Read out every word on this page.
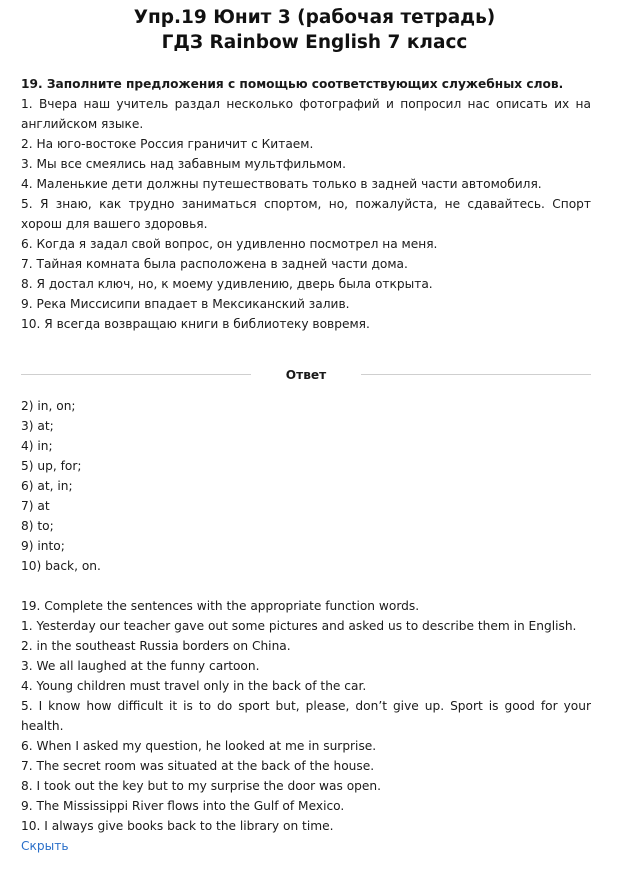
Упр.19 Юнит 3 (рабочая тетрадь)
ГДЗ Rainbow English 7 класс
19. Заполните предложения с помощью соответствующих служебных слов.
1. Вчера наш учитель раздал несколько фотографий и попросил нас описать их на английском языке.
2. На юго-востоке Россия граничит с Китаем.
3. Мы все смеялись над забавным мультфильмом.
4. Маленькие дети должны путешествовать только в задней части автомобиля.
5. Я знаю, как трудно заниматься спортом, но, пожалуйста, не сдавайтесь. Спорт хорош для вашего здоровья.
6. Когда я задал свой вопрос, он удивленно посмотрел на меня.
7. Тайная комната была расположена в задней части дома.
8. Я достал ключ, но, к моему удивлению, дверь была открыта.
9. Река Миссисипи впадает в Мексиканский залив.
10. Я всегда возвращаю книги в библиотеку вовремя.
Ответ
2) in, on;
3) at;
4) in;
5) up, for;
6) at, in;
7) at
8) to;
9) into;
10) back, on.
19. Complete the sentences with the appropriate function words.
1. Yesterday our teacher gave out some pictures and asked us to describe them in English.
2. in the southeast Russia borders on China.
3. We all laughed at the funny cartoon.
4. Young children must travel only in the back of the car.
5. I know how difficult it is to do sport but, please, don’t give up. Sport is good for your health.
6. When I asked my question, he looked at me in surprise.
7. The secret room was situated at the back of the house.
8. I took out the key but to my surprise the door was open.
9. The Mississippi River flows into the Gulf of Mexico.
10. I always give books back to the library on time.
Скрыть
